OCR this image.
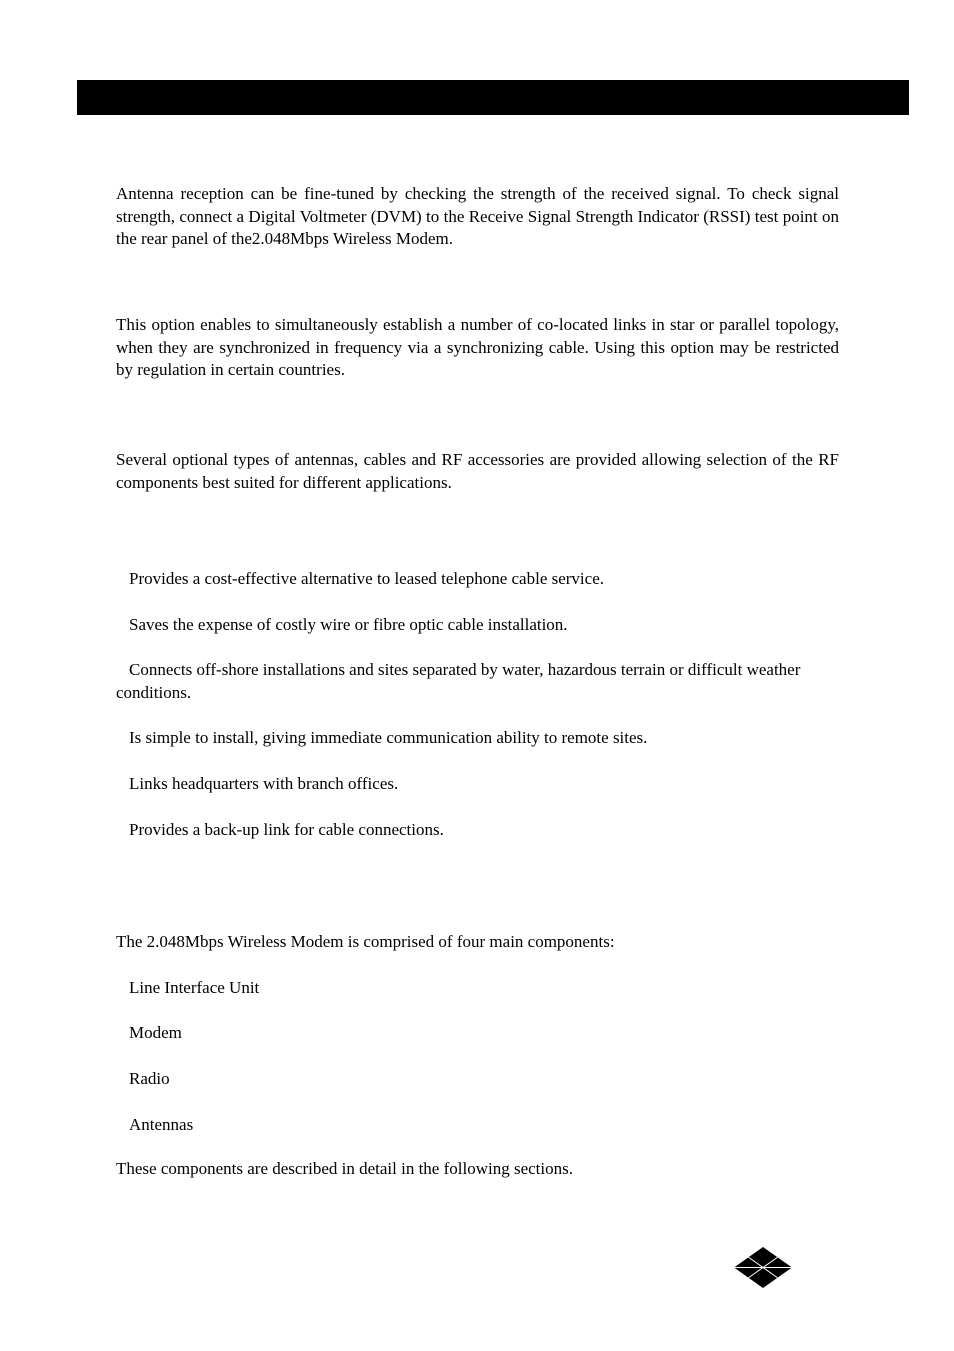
Antenna reception can be fine-tuned by checking the strength of the received signal. To check signal strength, connect a Digital Voltmeter (DVM) to the Receive Signal Strength Indicator (RSSI) test point on the rear panel of the2.048Mbps Wireless Modem.

This option enables to simultaneously establish a number of co-located links in star or parallel topology, when they are synchronized in frequency via a synchronizing cable. Using this option may be restricted by regulation in certain countries.

Several optional types of antennas, cables and RF accessories are provided allowing selection of the RF components best suited for different applications.

Provides a cost-effective alternative to leased telephone cable service.

Saves the expense of costly wire or fibre optic cable installation.

Connects off-shore installations and sites separated by water, hazardous terrain or difficult weather conditions.

Is simple to install, giving immediate communication ability to remote sites.

Links headquarters with branch offices.

Provides a back-up link for cable connections.

The 2.048Mbps Wireless Modem is comprised of four main components:

Line Interface Unit

Modem

Radio

Antennas

These components are described in detail in the following sections.
